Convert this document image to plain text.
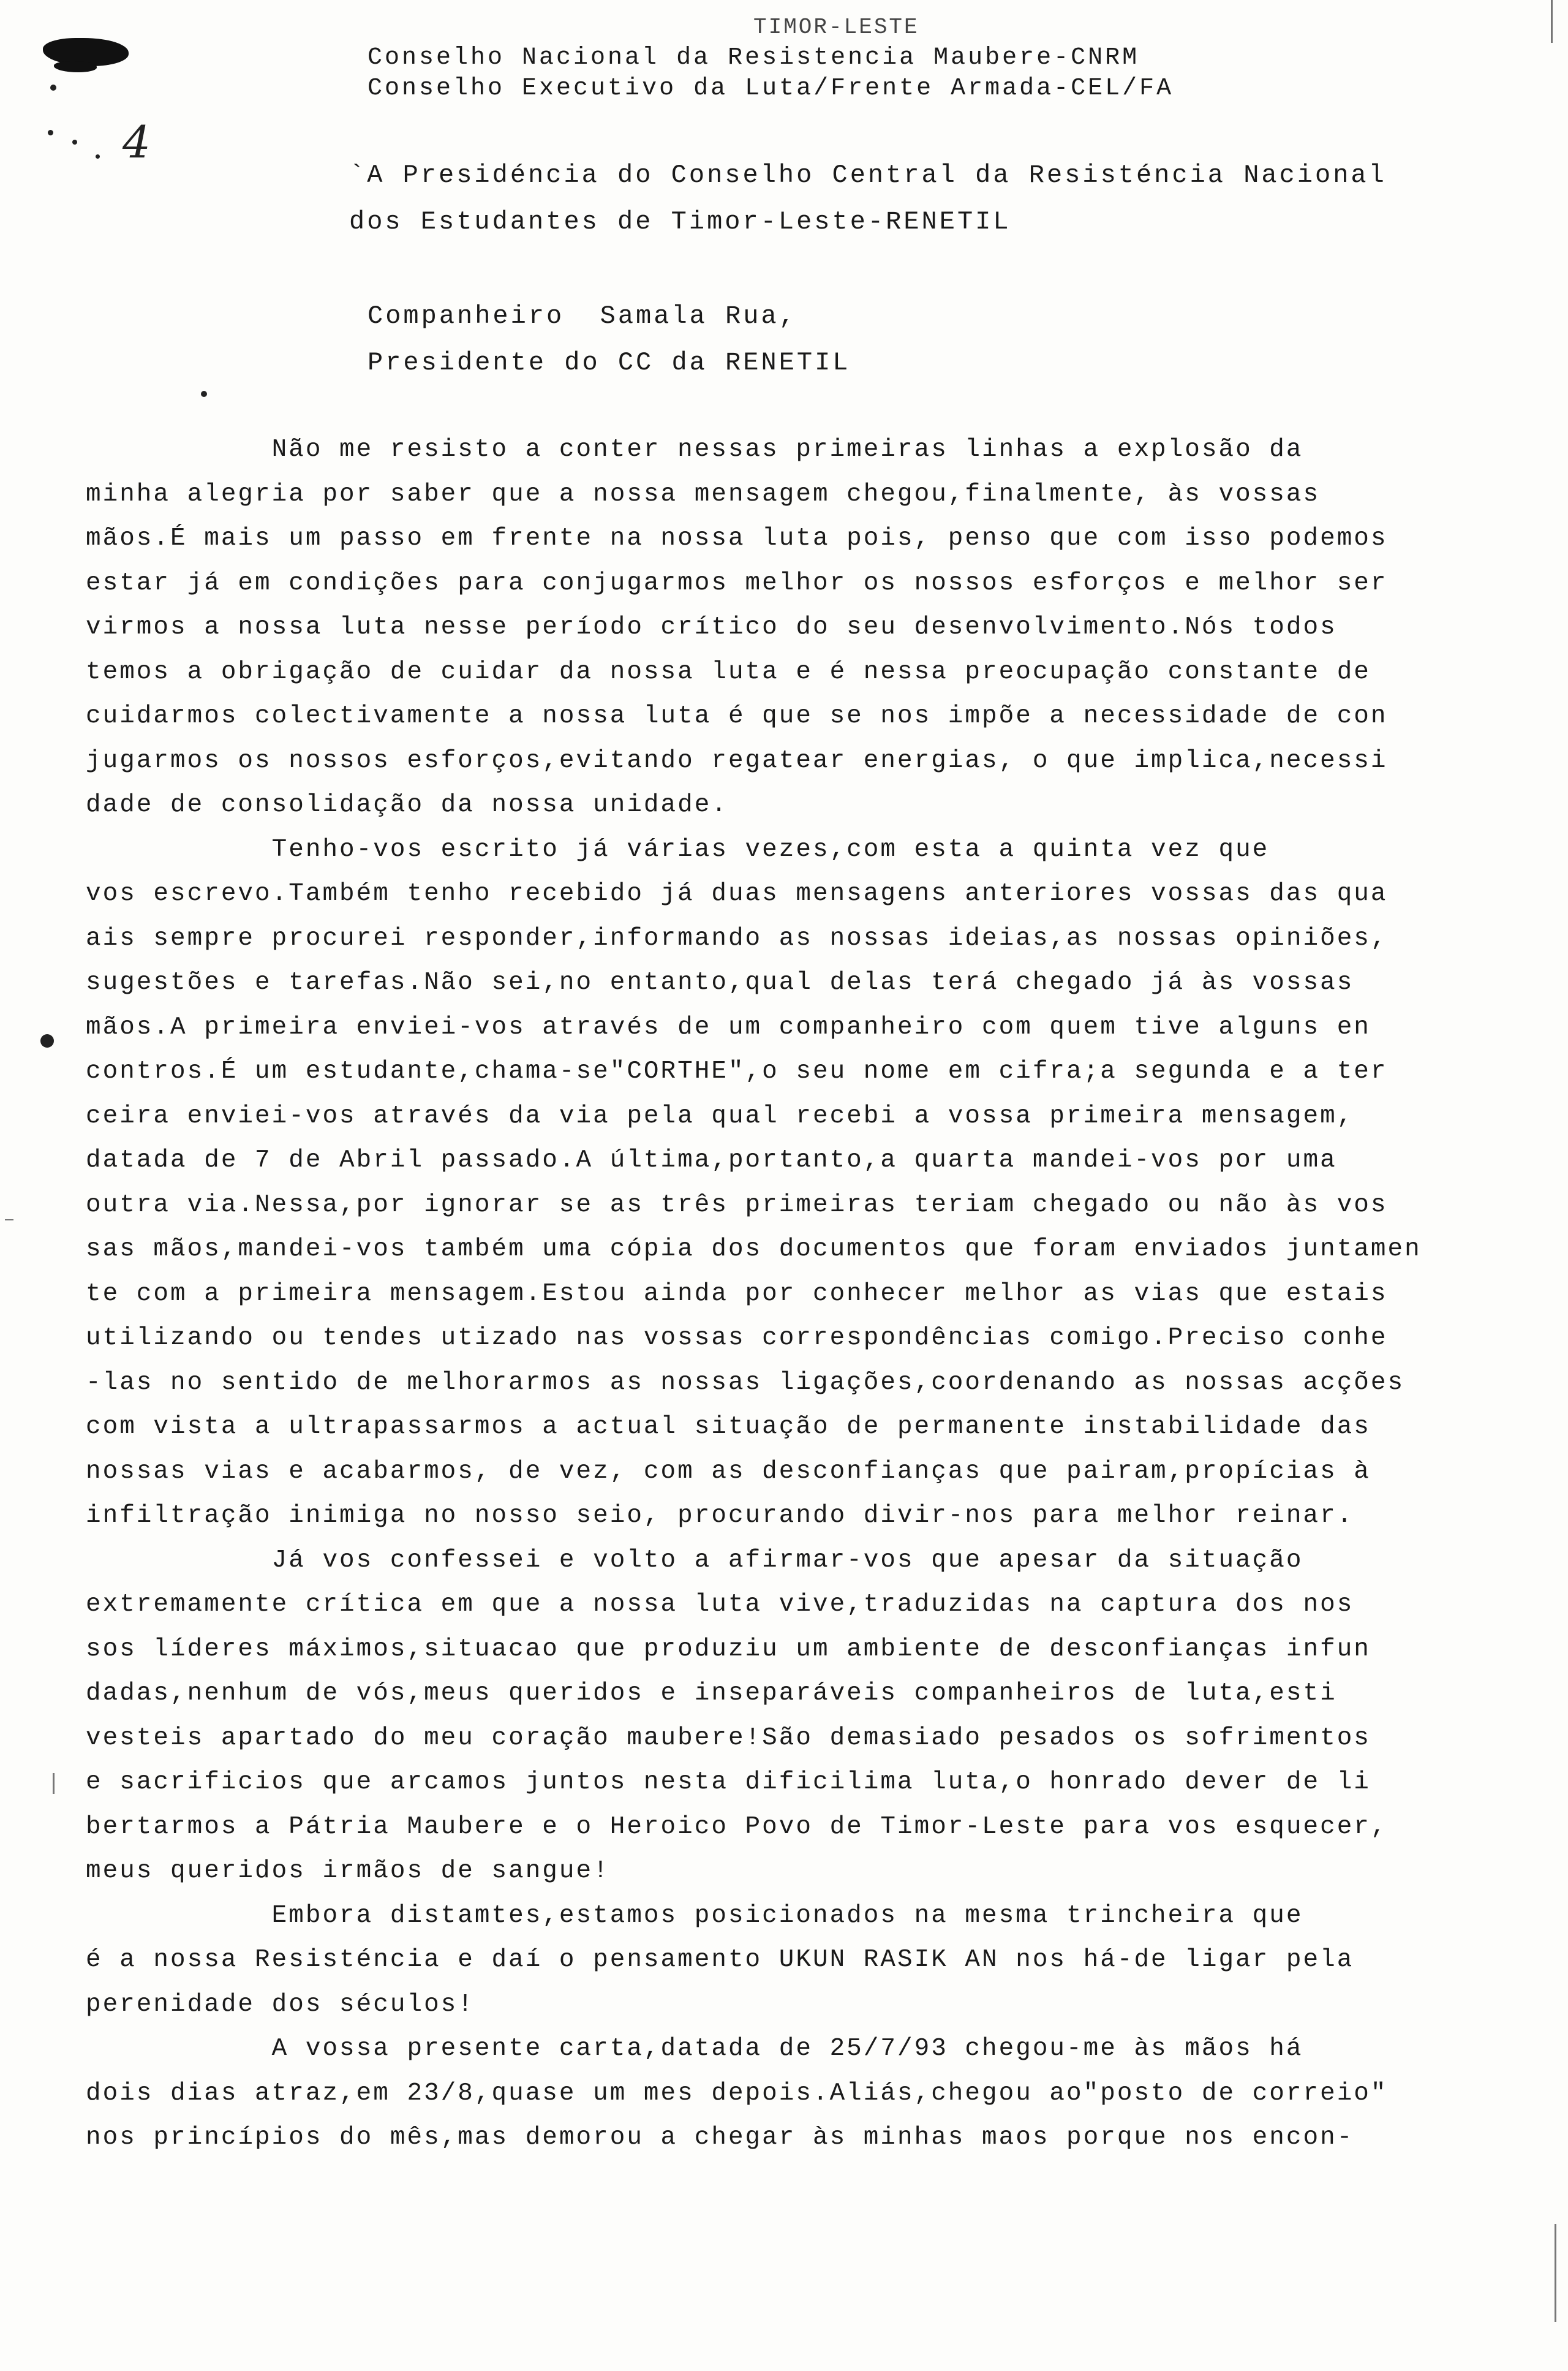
TIMOR-LESTE
Conselho Nacional da Resistencia Maubere-CNRM
Conselho Executivo da Luta/Frente Armada-CEL/FA
4
`A Presidéncia do Conselho Central da Resisténcia Nacional
dos Estudantes de Timor-Leste-RENETIL
Companheiro  Samala Rua,
Presidente do CC da RENETIL
Não me resisto a conter nessas primeiras linhas a explosão da
minha alegria por saber que a nossa mensagem chegou,finalmente, às vossas
mãos.É mais um passo em frente na nossa luta pois, penso que com isso podemos
estar já em condições para conjugarmos melhor os nossos esforços e melhor ser
virmos a nossa luta nesse período crítico do seu desenvolvimento.Nós todos
temos a obrigação de cuidar da nossa luta e é nessa preocupação constante de
cuidarmos colectivamente a nossa luta é que se nos impõe a necessidade de con
jugarmos os nossos esforços,evitando regatear energias, o que implica,necessi
dade de consolidação da nossa unidade.
Tenho-vos escrito já várias vezes,com esta a quinta vez que
vos escrevo.Também tenho recebido já duas mensagens anteriores vossas das qua
ais sempre procurei responder,informando as nossas ideias,as nossas opiniões,
sugestões e tarefas.Não sei,no entanto,qual delas terá chegado já às vossas
mãos.A primeira enviei-vos através de um companheiro com quem tive alguns en
contros.É um estudante,chama-se"CORTHE",o seu nome em cifra;a segunda e a ter
ceira enviei-vos através da via pela qual recebi a vossa primeira mensagem,
datada de 7 de Abril passado.A última,portanto,a quarta mandei-vos por uma
outra via.Nessa,por ignorar se as três primeiras teriam chegado ou não às vos
sas mãos,mandei-vos também uma cópia dos documentos que foram enviados juntamen
te com a primeira mensagem.Estou ainda por conhecer melhor as vias que estais
utilizando ou tendes utizado nas vossas correspondências comigo.Preciso conhe
-las no sentido de melhorarmos as nossas ligações,coordenando as nossas acções
com vista a ultrapassarmos a actual situação de permanente instabilidade das
nossas vias e acabarmos, de vez, com as desconfianças que pairam,propícias à
infiltração inimiga no nosso seio, procurando divir-nos para melhor reinar.
Já vos confessei e volto a afirmar-vos que apesar da situação
extremamente crítica em que a nossa luta vive,traduzidas na captura dos nos
sos líderes máximos,situacao que produziu um ambiente de desconfianças infun
dadas,nenhum de vós,meus queridos e inseparáveis companheiros de luta,esti
vesteis apartado do meu coração maubere!São demasiado pesados os sofrimentos
e sacrificios que arcamos juntos nesta dificilima luta,o honrado dever de li
bertarmos a Pátria Maubere e o Heroico Povo de Timor-Leste para vos esquecer,
meus queridos irmãos de sangue!
Embora distamtes,estamos posicionados na mesma trincheira que
é a nossa Resisténcia e daí o pensamento UKUN RASIK AN nos há-de ligar pela
perenidade dos séculos!
A vossa presente carta,datada de 25/7/93 chegou-me às mãos há
dois dias atraz,em 23/8,quase um mes depois.Aliás,chegou ao"posto de correio"
nos princípios do mês,mas demorou a chegar às minhas maos porque nos encon-
